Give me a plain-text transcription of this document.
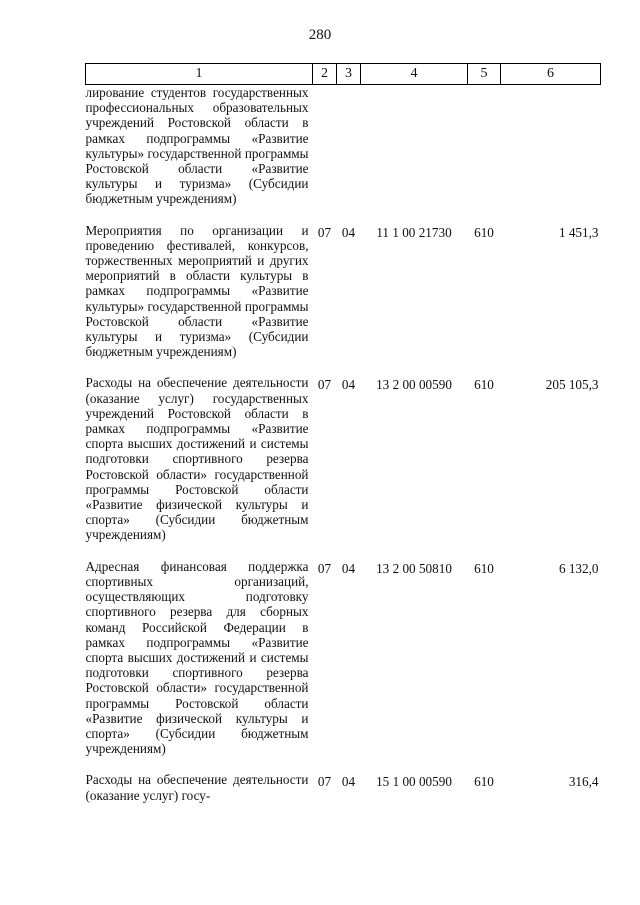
280
1	2	3	4	5	6
лирование студентов государственных профессиональных образовательных учреждений Ростовской области в рамках подпрограммы «Развитие культуры» государственной программы Ростовской области «Развитие культуры и туризма» (Субсидии бюджетным учреждениям)					
Мероприятия по организации и проведению фестивалей, конкурсов, торжественных мероприятий и других мероприятий в области культуры в рамках подпрограммы «Развитие культуры» государственной программы Ростовской области «Развитие культуры и туризма» (Субсидии бюджетным учреждениям)	07	04	11 1 00 21730	610	1 451,3
Расходы на обеспечение деятельности (оказание услуг) государственных учреждений Ростовской области в рамках подпрограммы «Развитие спорта высших достижений и системы подготовки спортивного резерва Ростовской области» государственной программы Ростовской области «Развитие физической культуры и спорта» (Субсидии бюджетным учреждениям)	07	04	13 2 00 00590	610	205 105,3
Адресная финансовая поддержка спортивных организаций, осуществляющих подготовку спортивного резерва для сборных команд Российской Федерации в рамках подпрограммы «Развитие спорта высших достижений и системы подготовки спортивного резерва Ростовской области» государственной программы Ростовской области «Развитие физической культуры и спорта» (Субсидии бюджетным учреждениям)	07	04	13 2 00 50810	610	6 132,0
Расходы на обеспечение деятельности (оказание услуг) госу-	07	04	15 1 00 00590	610	316,4
